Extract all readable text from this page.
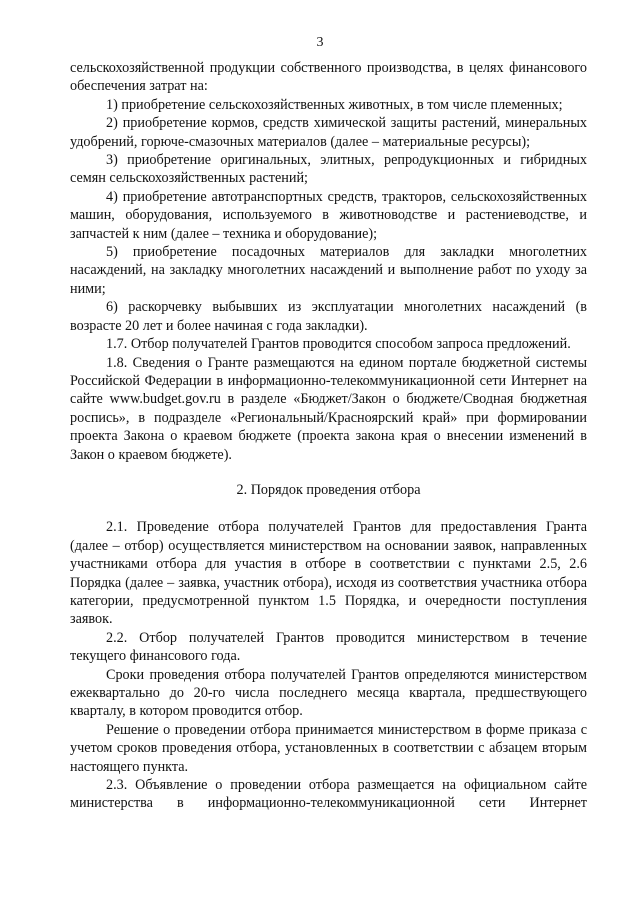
3

сельскохозяйственной продукции собственного производства, в целях финансового обеспечения затрат на:

1) приобретение сельскохозяйственных животных, в том числе племенных;

2) приобретение кормов, средств химической защиты растений, минеральных удобрений, горюче-смазочных материалов (далее – материальные ресурсы);

3) приобретение оригинальных, элитных, репродукционных и гибридных семян сельскохозяйственных растений;

4) приобретение автотранспортных средств, тракторов, сельскохозяйственных машин, оборудования, используемого в животноводстве и растениеводстве, и запчастей к ним (далее – техника и оборудование);

5) приобретение посадочных материалов для закладки многолетних насаждений, на закладку многолетних насаждений и выполнение работ по уходу за ними;

6) раскорчевку выбывших из эксплуатации многолетних насаждений (в возрасте 20 лет и более начиная с года закладки).

1.7. Отбор получателей Грантов проводится способом запроса предложений.

1.8. Сведения о Гранте размещаются на едином портале бюджетной системы Российской Федерации в информационно-телекоммуникационной сети Интернет на сайте www.budget.gov.ru в разделе «Бюджет/Закон о бюджете/Сводная бюджетная роспись», в подразделе «Региональный/Красноярский край» при формировании проекта Закона о краевом бюджете (проекта закона края о внесении изменений в Закон о краевом бюджете).

2. Порядок проведения отбора

2.1. Проведение отбора получателей Грантов для предоставления Гранта (далее – отбор) осуществляется министерством на основании заявок, направленных участниками отбора для участия в отборе в соответствии с пунктами 2.5, 2.6 Порядка (далее – заявка, участник отбора), исходя из соответствия участника отбора категории, предусмотренной пунктом 1.5 Порядка, и очередности поступления заявок.

2.2. Отбор получателей Грантов проводится министерством в течение текущего финансового года.

Сроки проведения отбора получателей Грантов определяются министерством ежеквартально до 20-го числа последнего месяца квартала, предшествующего кварталу, в котором проводится отбор.

Решение о проведении отбора принимается министерством в форме приказа с учетом сроков проведения отбора, установленных в соответствии с абзацем вторым настоящего пункта.

2.3. Объявление о проведении отбора размещается на официальном сайте министерства в информационно-телекоммуникационной сети Интернет
